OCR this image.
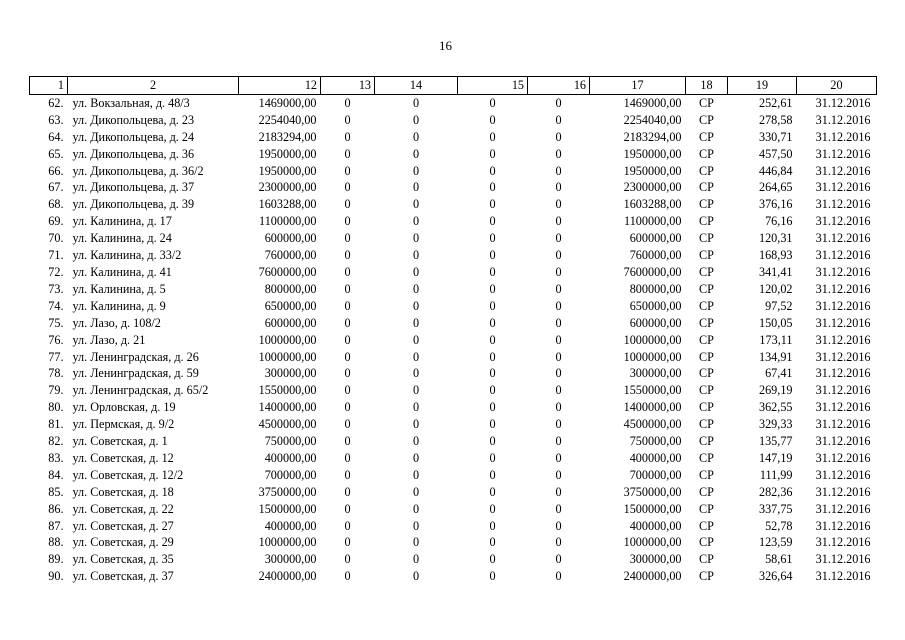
16
1	2	12	13	14	15	16	17	18	19	20
62.	ул. Вокзальная, д. 48/3	1469000,00	0	0	0	0	1469000,00	СР	252,61	31.12.2016
63.	ул. Дикопольцева, д. 23	2254040,00	0	0	0	0	2254040,00	СР	278,58	31.12.2016
64.	ул. Дикопольцева, д. 24	2183294,00	0	0	0	0	2183294,00	СР	330,71	31.12.2016
65.	ул. Дикопольцева, д. 36	1950000,00	0	0	0	0	1950000,00	СР	457,50	31.12.2016
66.	ул. Дикопольцева, д. 36/2	1950000,00	0	0	0	0	1950000,00	СР	446,84	31.12.2016
67.	ул. Дикопольцева, д. 37	2300000,00	0	0	0	0	2300000,00	СР	264,65	31.12.2016
68.	ул. Дикопольцева, д. 39	1603288,00	0	0	0	0	1603288,00	СР	376,16	31.12.2016
69.	ул. Калинина, д. 17	1100000,00	0	0	0	0	1100000,00	СР	76,16	31.12.2016
70.	ул. Калинина, д. 24	600000,00	0	0	0	0	600000,00	СР	120,31	31.12.2016
71.	ул. Калинина, д. 33/2	760000,00	0	0	0	0	760000,00	СР	168,93	31.12.2016
72.	ул. Калинина, д. 41	7600000,00	0	0	0	0	7600000,00	СР	341,41	31.12.2016
73.	ул. Калинина, д. 5	800000,00	0	0	0	0	800000,00	СР	120,02	31.12.2016
74.	ул. Калинина, д. 9	650000,00	0	0	0	0	650000,00	СР	97,52	31.12.2016
75.	ул. Лазо, д. 108/2	600000,00	0	0	0	0	600000,00	СР	150,05	31.12.2016
76.	ул. Лазо, д. 21	1000000,00	0	0	0	0	1000000,00	СР	173,11	31.12.2016
77.	ул. Ленинградская, д. 26	1000000,00	0	0	0	0	1000000,00	СР	134,91	31.12.2016
78.	ул. Ленинградская, д. 59	300000,00	0	0	0	0	300000,00	СР	67,41	31.12.2016
79.	ул. Ленинградская, д. 65/2	1550000,00	0	0	0	0	1550000,00	СР	269,19	31.12.2016
80.	ул. Орловская, д. 19	1400000,00	0	0	0	0	1400000,00	СР	362,55	31.12.2016
81.	ул. Пермская, д. 9/2	4500000,00	0	0	0	0	4500000,00	СР	329,33	31.12.2016
82.	ул. Советская, д. 1	750000,00	0	0	0	0	750000,00	СР	135,77	31.12.2016
83.	ул. Советская, д. 12	400000,00	0	0	0	0	400000,00	СР	147,19	31.12.2016
84.	ул. Советская, д. 12/2	700000,00	0	0	0	0	700000,00	СР	111,99	31.12.2016
85.	ул. Советская, д. 18	3750000,00	0	0	0	0	3750000,00	СР	282,36	31.12.2016
86.	ул. Советская, д. 22	1500000,00	0	0	0	0	1500000,00	СР	337,75	31.12.2016
87.	ул. Советская, д. 27	400000,00	0	0	0	0	400000,00	СР	52,78	31.12.2016
88.	ул. Советская, д. 29	1000000,00	0	0	0	0	1000000,00	СР	123,59	31.12.2016
89.	ул. Советская, д. 35	300000,00	0	0	0	0	300000,00	СР	58,61	31.12.2016
90.	ул. Советская, д. 37	2400000,00	0	0	0	0	2400000,00	СР	326,64	31.12.2016
